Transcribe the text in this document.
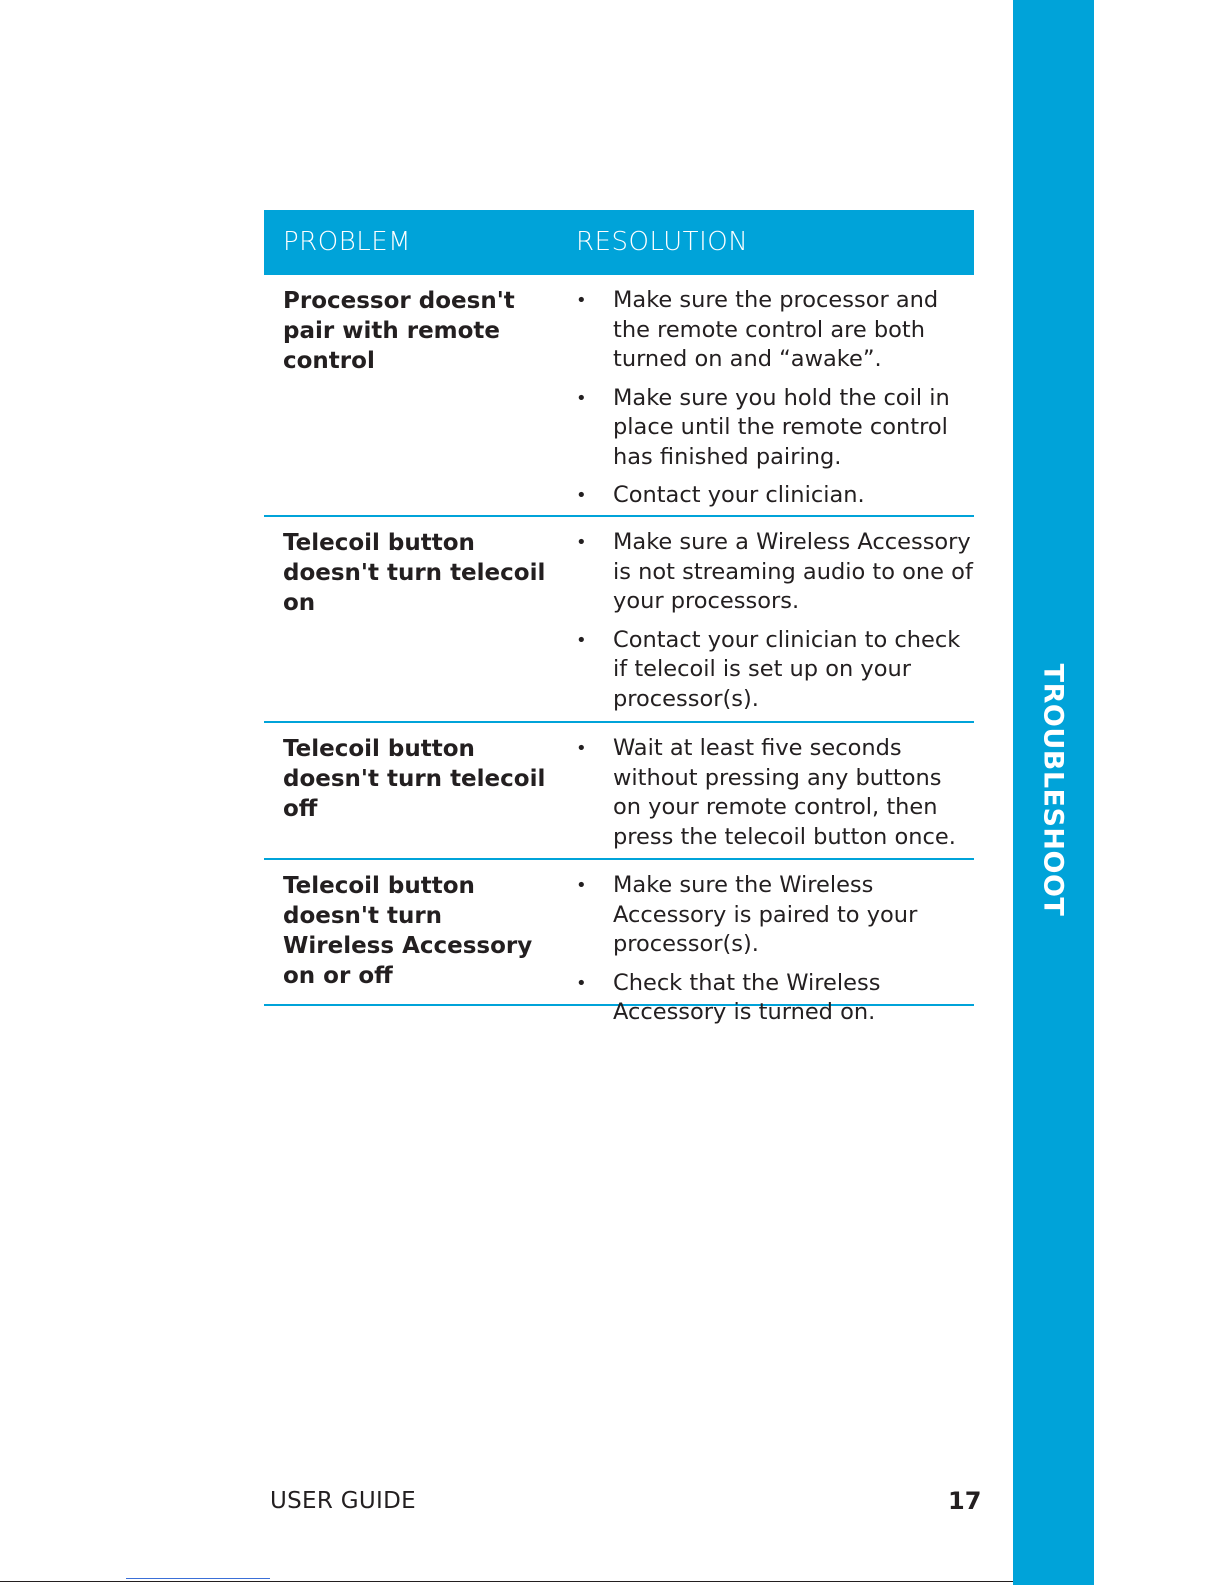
TROUBLESHOOT
PROBLEM	RESOLUTION
Processor doesn't pair with remote control
• Make sure the processor and the remote control are both turned on and “awake”.
• Make sure you hold the coil in place until the remote control has finished pairing.
• Contact your clinician.
Telecoil button doesn't turn telecoil on
• Make sure a Wireless Accessory is not streaming audio to one of your processors.
• Contact your clinician to check if telecoil is set up on your processor(s).
Telecoil button doesn't turn telecoil off
• Wait at least five seconds without pressing any buttons on your remote control, then press the telecoil button once.
Telecoil button doesn't turn Wireless Accessory on or off
• Make sure the Wireless Accessory is paired to your processor(s).
• Check that the Wireless Accessory is turned on.
USER GUIDE	17
